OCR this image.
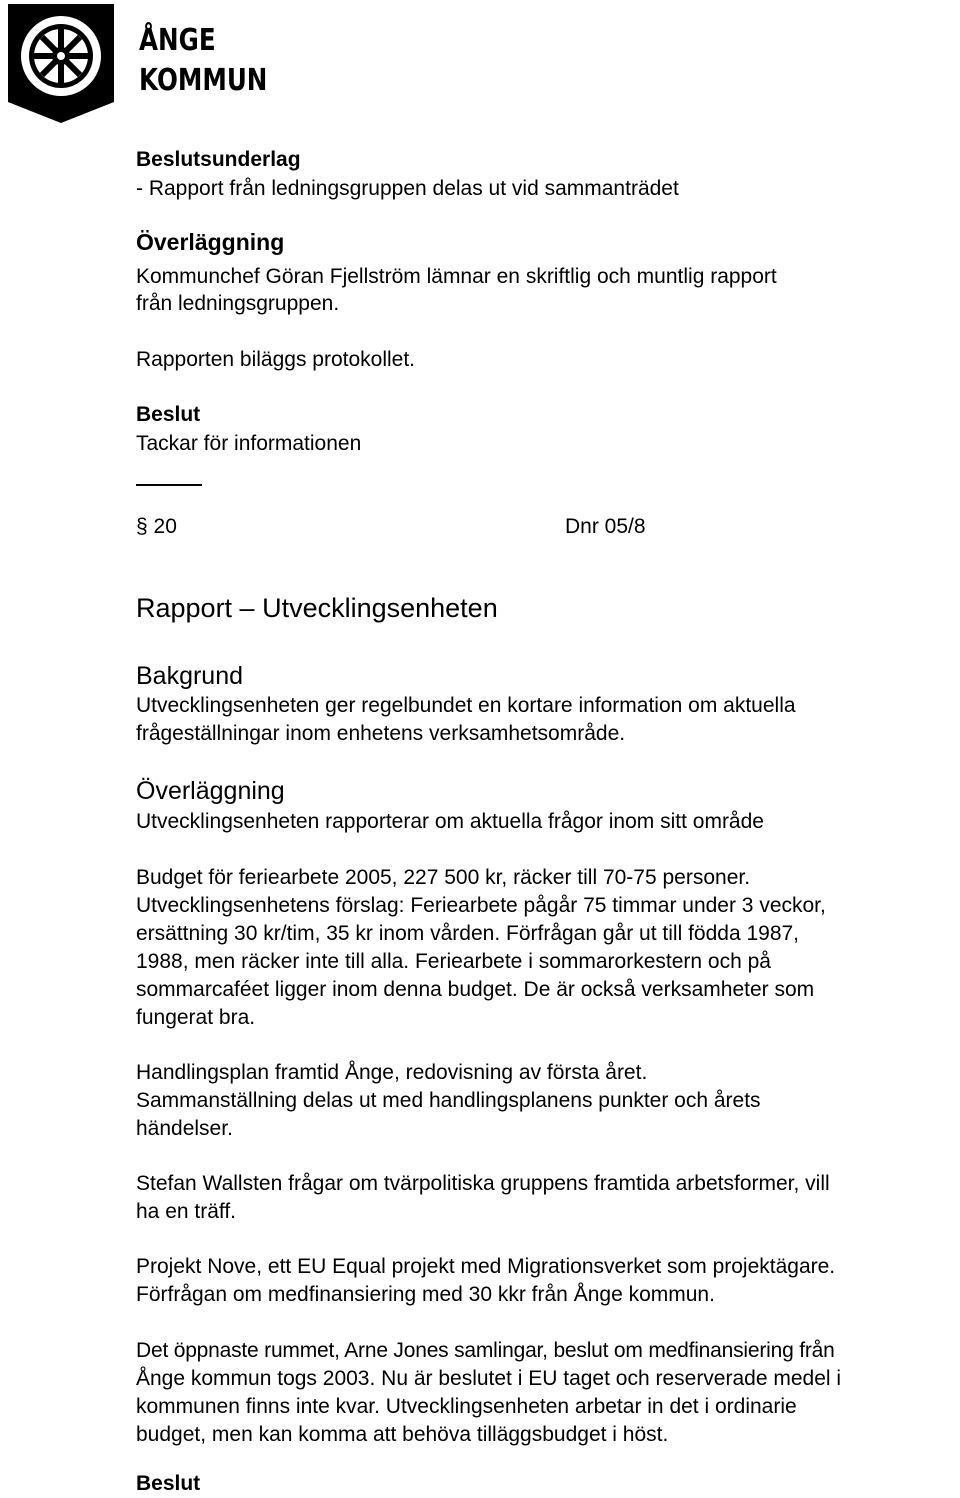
ÅNGE
KOMMUN
Beslutsunderlag
- Rapport från ledningsgruppen delas ut vid sammanträdet
Överläggning
Kommunchef Göran Fjellström lämnar en skriftlig och muntlig rapport
från ledningsgruppen.
Rapporten biläggs protokollet.
Beslut
Tackar för informationen
§ 20	Dnr 05/8
Rapport – Utvecklingsenheten
Bakgrund
Utvecklingsenheten ger regelbundet en kortare information om aktuella
frågeställningar inom enhetens verksamhetsområde.
Överläggning
Utvecklingsenheten rapporterar om aktuella frågor inom sitt område
Budget för feriearbete 2005, 227 500 kr, räcker till 70-75 personer.
Utvecklingsenhetens förslag: Feriearbete pågår 75 timmar under 3 veckor,
ersättning 30 kr/tim, 35 kr inom vården. Förfrågan går ut till födda 1987,
1988, men räcker inte till alla. Feriearbete i sommarorkestern och på
sommarcaféet ligger inom denna budget. De är också verksamheter som
fungerat bra.
Handlingsplan framtid Ånge, redovisning av första året.
Sammanställning delas ut med handlingsplanens punkter och årets
händelser.
Stefan Wallsten frågar om tvärpolitiska gruppens framtida arbetsformer, vill
ha en träff.
Projekt Nove, ett EU Equal projekt med Migrationsverket som projektägare.
Förfrågan om medfinansiering med 30 kkr från Ånge kommun.
Det öppnaste rummet, Arne Jones samlingar, beslut om medfinansiering från
Ånge kommun togs 2003. Nu är beslutet i EU taget och reserverade medel i
kommunen finns inte kvar. Utvecklingsenheten arbetar in det i ordinarie
budget, men kan komma att behöva tilläggsbudget i höst.
Beslut
